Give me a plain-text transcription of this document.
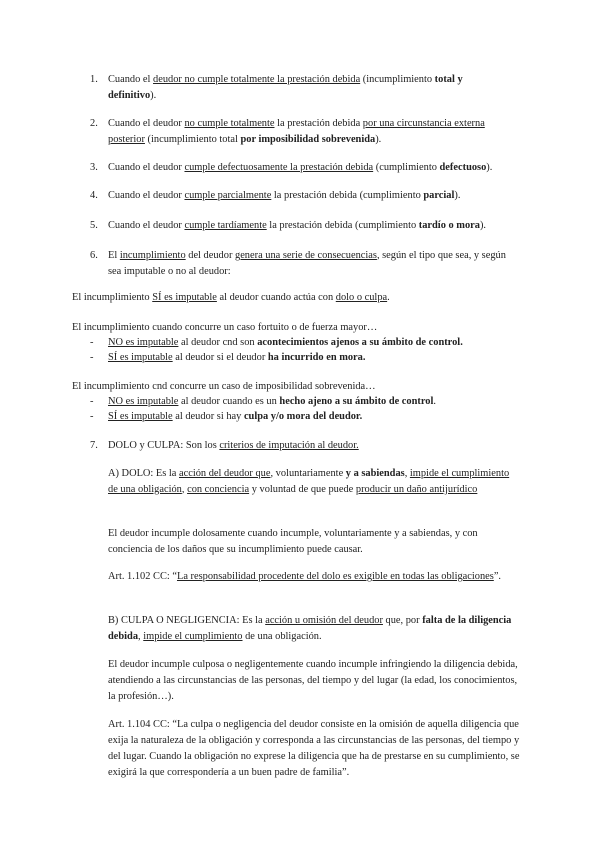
1. Cuando el deudor no cumple totalmente la prestación debida (incumplimiento total y definitivo).

2. Cuando el deudor no cumple totalmente la prestación debida por una circunstancia externa posterior (incumplimiento total por imposibilidad sobrevenida).

3. Cuando el deudor cumple defectuosamente la prestación debida (cumplimiento defectuoso).

4. Cuando el deudor cumple parcialmente la prestación debida (cumplimiento parcial).

5. Cuando el deudor cumple tardíamente la prestación debida (cumplimiento tardío o mora).

6. El incumplimiento del deudor genera una serie de consecuencias, según el tipo que sea, y según sea imputable o no al deudor:

El incumplimiento SÍ es imputable al deudor cuando actúa con dolo o culpa.

El incumplimiento cuando concurre un caso fortuito o de fuerza mayor…

- NO es imputable al deudor cnd son acontecimientos ajenos a su ámbito de control.

- SÍ es imputable al deudor si el deudor ha incurrido en mora.

El incumplimiento cnd concurre un caso de imposibilidad sobrevenida…

- NO es imputable al deudor cuando es un hecho ajeno a su ámbito de control.

- SÍ es imputable al deudor si hay culpa y/o mora del deudor.

7. DOLO y CULPA: Son los criterios de imputación al deudor.

A) DOLO: Es la acción del deudor que, voluntariamente y a sabiendas, impide el cumplimiento de una obligación, con conciencia y voluntad de que puede producir un daño antijurídico

El deudor incumple dolosamente cuando incumple, voluntariamente y a sabiendas, y con conciencia de los daños que su incumplimiento puede causar.

Art. 1.102 CC: “La responsabilidad procedente del dolo es exigible en todas las obligaciones”.

B) CULPA O NEGLIGENCIA: Es la acción u omisión del deudor que, por falta de la diligencia debida, impide el cumplimiento de una obligación.

El deudor incumple culposa o negligentemente cuando incumple infringiendo la diligencia debida, atendiendo a las circunstancias de las personas, del tiempo y del lugar (la edad, los conocimientos, la profesión…).

Art. 1.104 CC: “La culpa o negligencia del deudor consiste en la omisión de aquella diligencia que exija la naturaleza de la obligación y corresponda a las circunstancias de las personas, del tiempo y del lugar. Cuando la obligación no exprese la diligencia que ha de prestarse en su cumplimiento, se exigirá la que correspondería a un buen padre de familia”.
